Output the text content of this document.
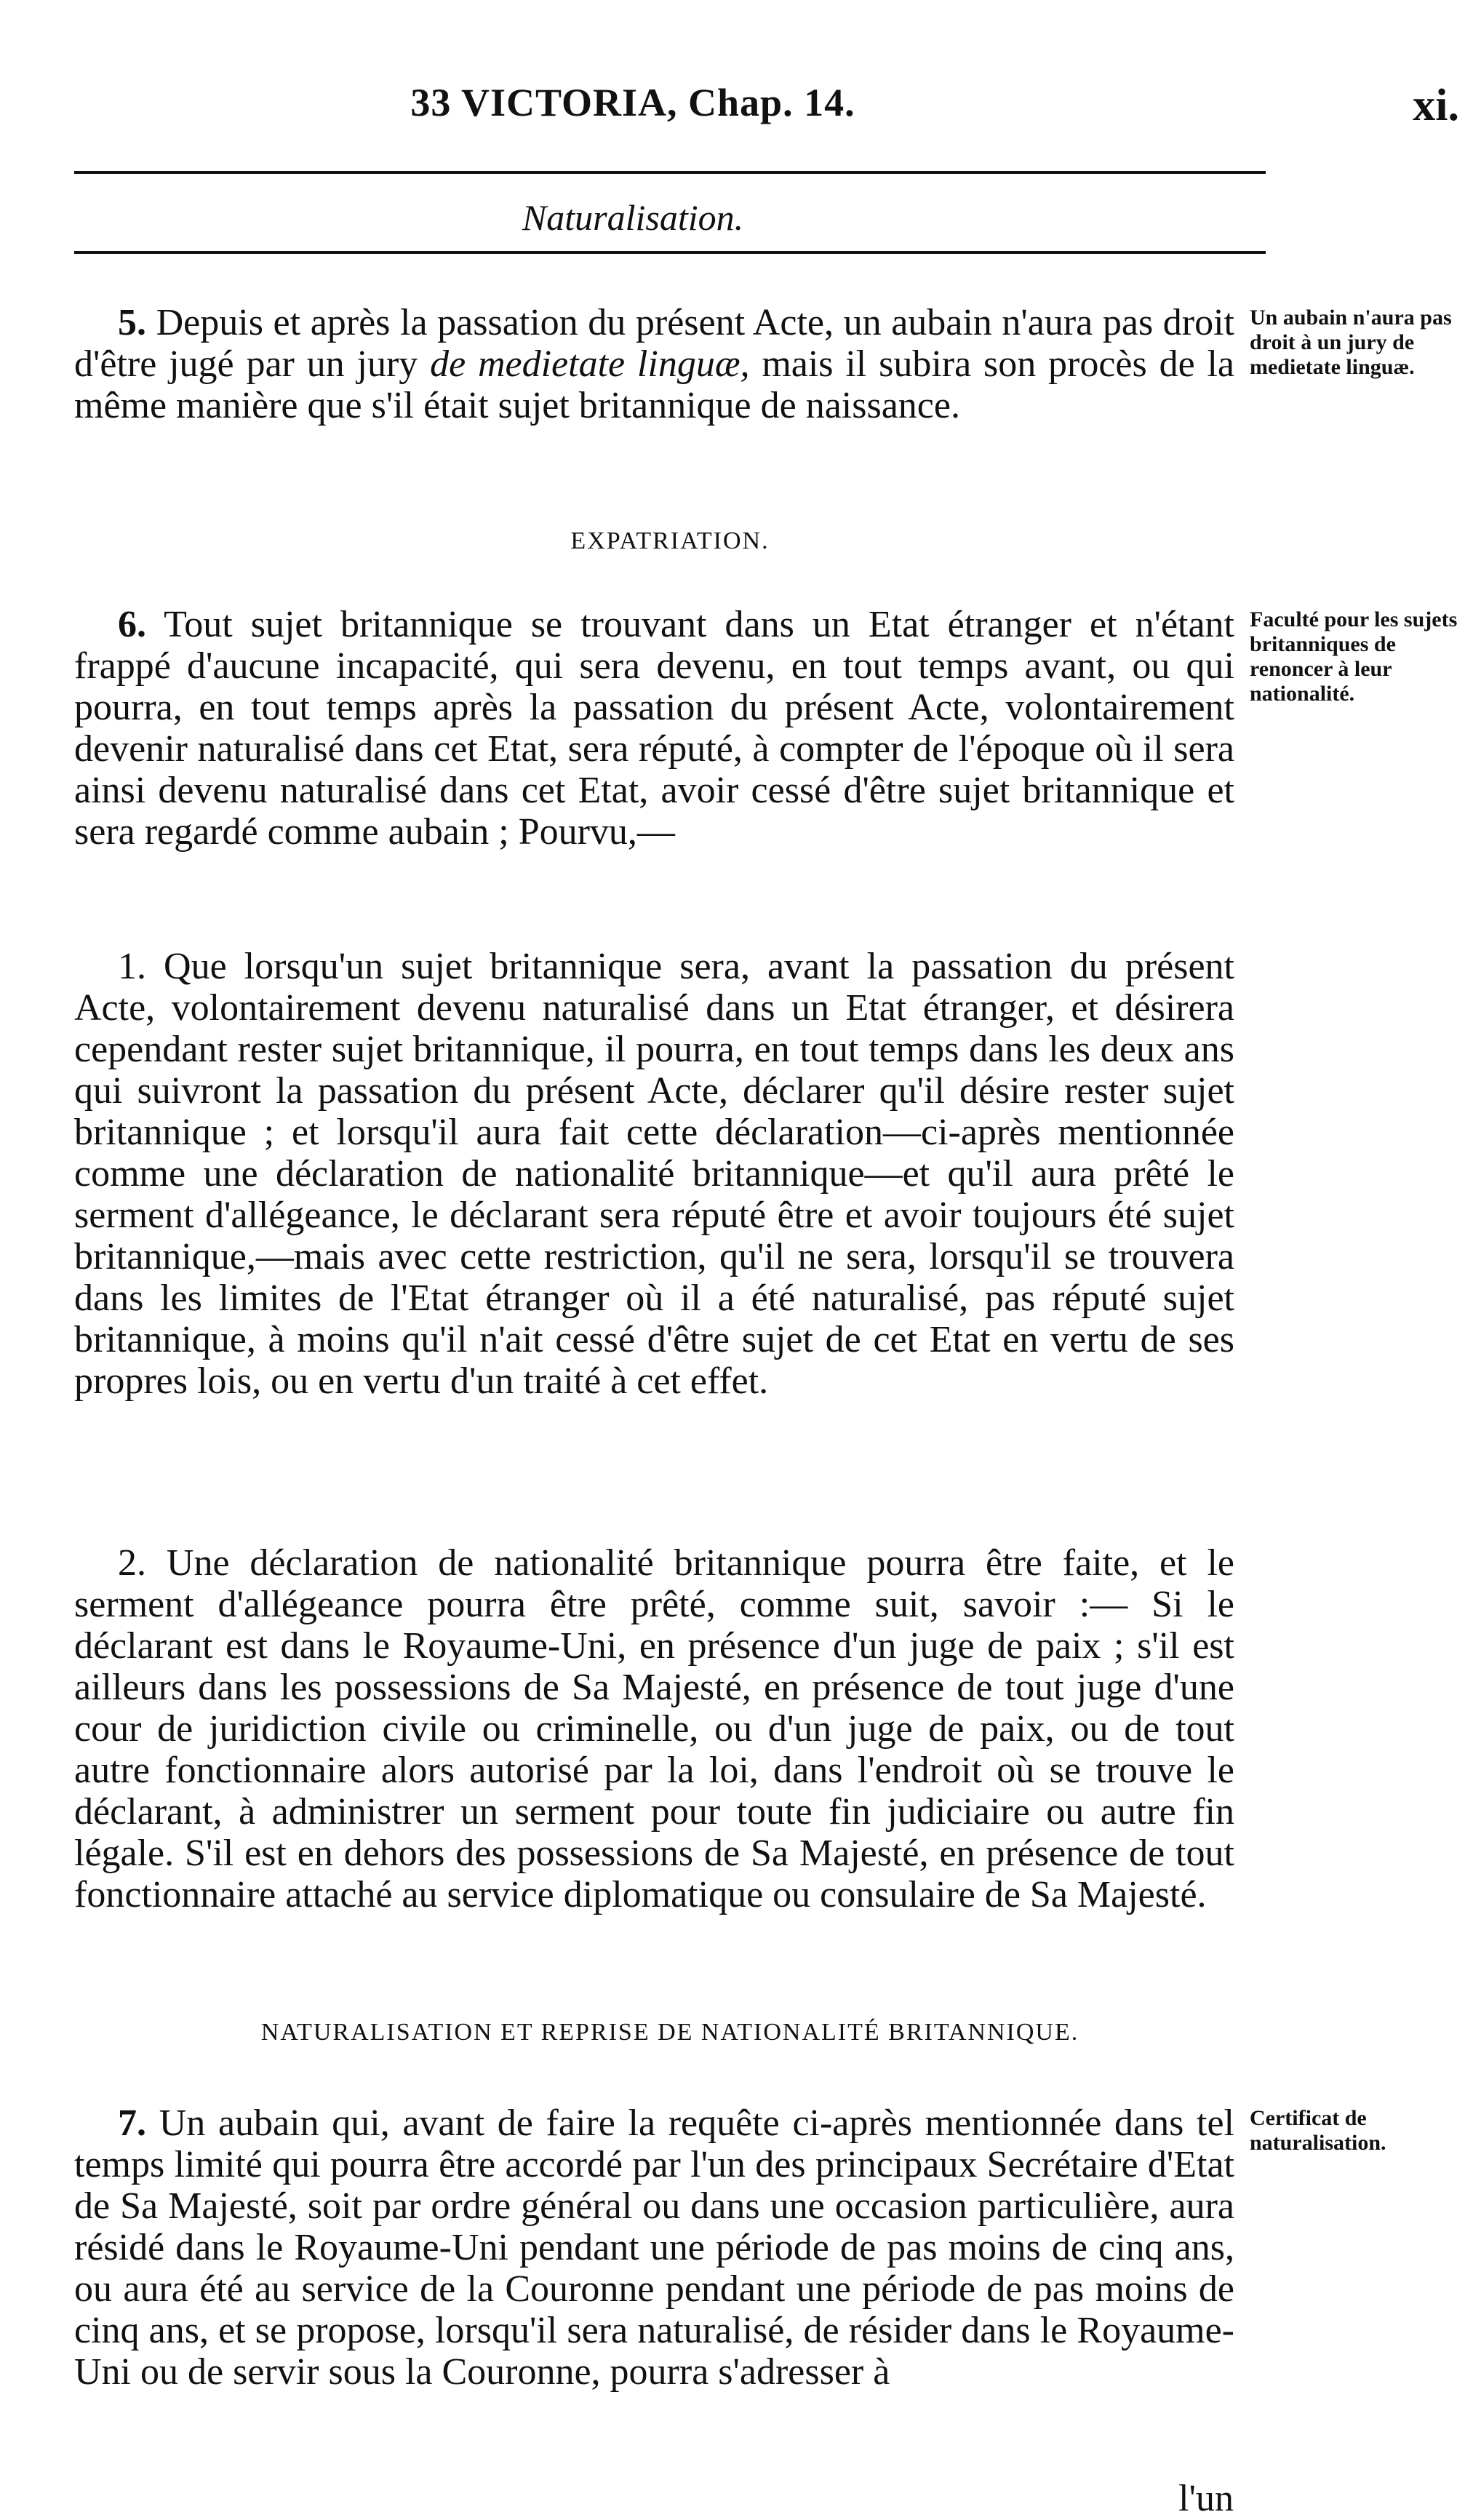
33 VICTORIA, Chap. 14.	xi.
Naturalisation.

5. Depuis et après la passation du présent Acte, un aubain n'aura pas droit d'être jugé par un jury de medietate linguæ, mais il subira son procès de la même manière que s'il était sujet britannique de naissance.

Un aubain n'aura pas droit à un jury de medietate linguæ.
EXPATRIATION.

6. Tout sujet britannique se trouvant dans un Etat étranger et n'étant frappé d'aucune incapacité, qui sera devenu, en tout temps avant, ou qui pourra, en tout temps après la passation du présent Acte, volontairement devenir naturalisé dans cet Etat, sera réputé, à compter de l'époque où il sera ainsi devenu naturalisé dans cet Etat, avoir cessé d'être sujet britannique et sera regardé comme aubain ; Pourvu,—

Faculté pour les sujets britanniques de renoncer à leur nationalité.

1. Que lorsqu'un sujet britannique sera, avant la passation du présent Acte, volontairement devenu naturalisé dans un Etat étranger, et désirera cependant rester sujet britannique, il pourra, en tout temps dans les deux ans qui suivront la passation du présent Acte, déclarer qu'il désire rester sujet britannique ; et lorsqu'il aura fait cette déclaration—ci-après mentionnée comme une déclaration de nationalité britannique—et qu'il aura prêté le serment d'allégeance, le déclarant sera réputé être et avoir toujours été sujet britannique,—mais avec cette restriction, qu'il ne sera, lorsqu'il se trouvera dans les limites de l'Etat étranger où il a été naturalisé, pas réputé sujet britannique, à moins qu'il n'ait cessé d'être sujet de cet Etat en vertu de ses propres lois, ou en vertu d'un traité à cet effet.

2. Une déclaration de nationalité britannique pourra être faite, et le serment d'allégeance pourra être prêté, comme suit, savoir :— Si le déclarant est dans le Royaume-Uni, en présence d'un juge de paix ; s'il est ailleurs dans les possessions de Sa Majesté, en présence de tout juge d'une cour de juridiction civile ou criminelle, ou d'un juge de paix, ou de tout autre fonctionnaire alors autorisé par la loi, dans l'endroit où se trouve le déclarant, à administrer un serment pour toute fin judiciaire ou autre fin légale. S'il est en dehors des possessions de Sa Majesté, en présence de tout fonctionnaire attaché au service diplomatique ou consulaire de Sa Majesté.

NATURALISATION ET REPRISE DE NATIONALITÉ BRITANNIQUE.

7. Un aubain qui, avant de faire la requête ci-après mentionnée dans tel temps limité qui pourra être accordé par l'un des principaux Secrétaire d'Etat de Sa Majesté, soit par ordre général ou dans une occasion particulière, aura résidé dans le Royaume-Uni pendant une période de pas moins de cinq ans, ou aura été au service de la Couronne pendant une période de pas moins de cinq ans, et se propose, lorsqu'il sera naturalisé, de résider dans le Royaume-Uni ou de servir sous la Couronne, pourra s'adresser à

Certificat de naturalisation.
l'un
